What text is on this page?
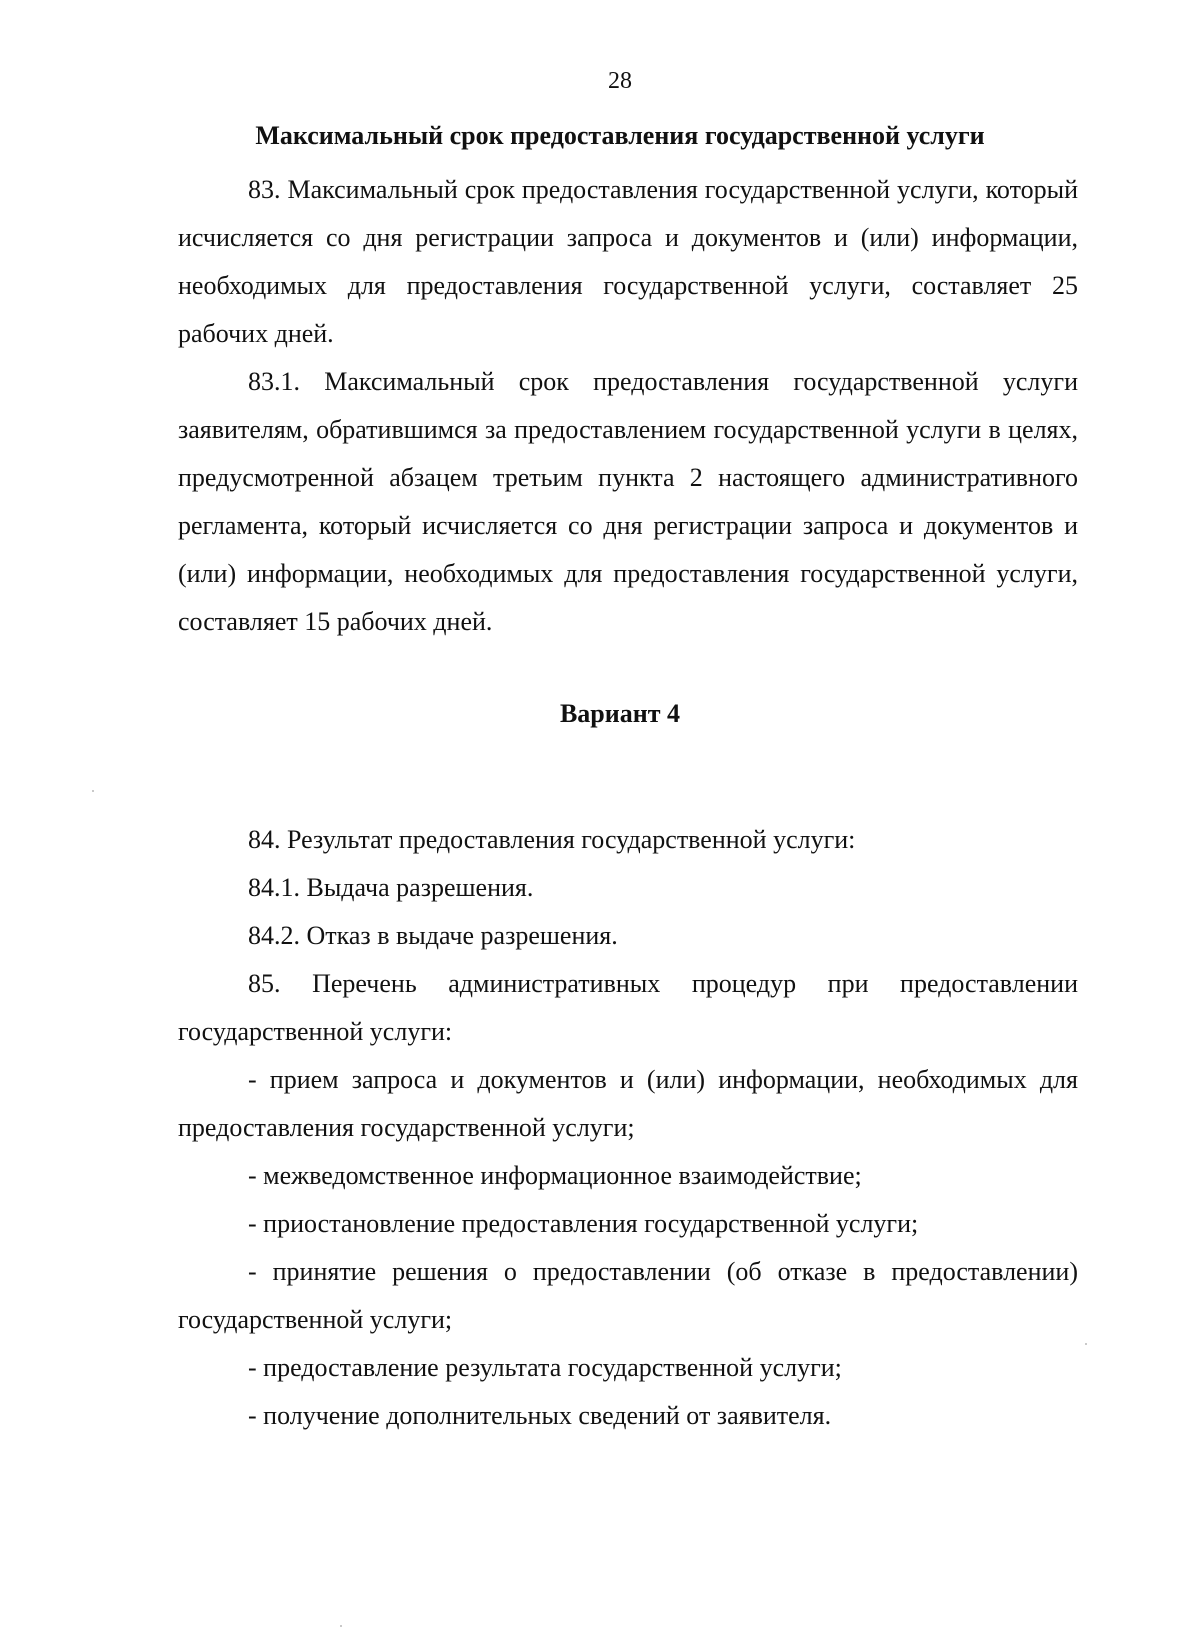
28
Максимальный срок предоставления государственной услуги

83. Максимальный срок предоставления государственной услуги, который исчисляется со дня регистрации запроса и документов и (или) информации, необходимых для предоставления государственной услуги, составляет 25 рабочих дней.

83.1. Максимальный срок предоставления государственной услуги заявителям, обратившимся за предоставлением государственной услуги в целях, предусмотренной абзацем третьим пункта 2 настоящего административного регламента, который исчисляется со дня регистрации запроса и документов и (или) информации, необходимых для предоставления государственной услуги, составляет 15 рабочих дней.

Вариант 4

84. Результат предоставления государственной услуги:

84.1. Выдача разрешения.

84.2. Отказ в выдаче разрешения.

85. Перечень административных процедур при предоставлении государственной услуги:

- прием запроса и документов и (или) информации, необходимых для предоставления государственной услуги;

- межведомственное информационное взаимодействие;

- приостановление предоставления государственной услуги;

- принятие решения о предоставлении (об отказе в предоставлении) государственной услуги;

- предоставление результата государственной услуги;

- получение дополнительных сведений от заявителя.
